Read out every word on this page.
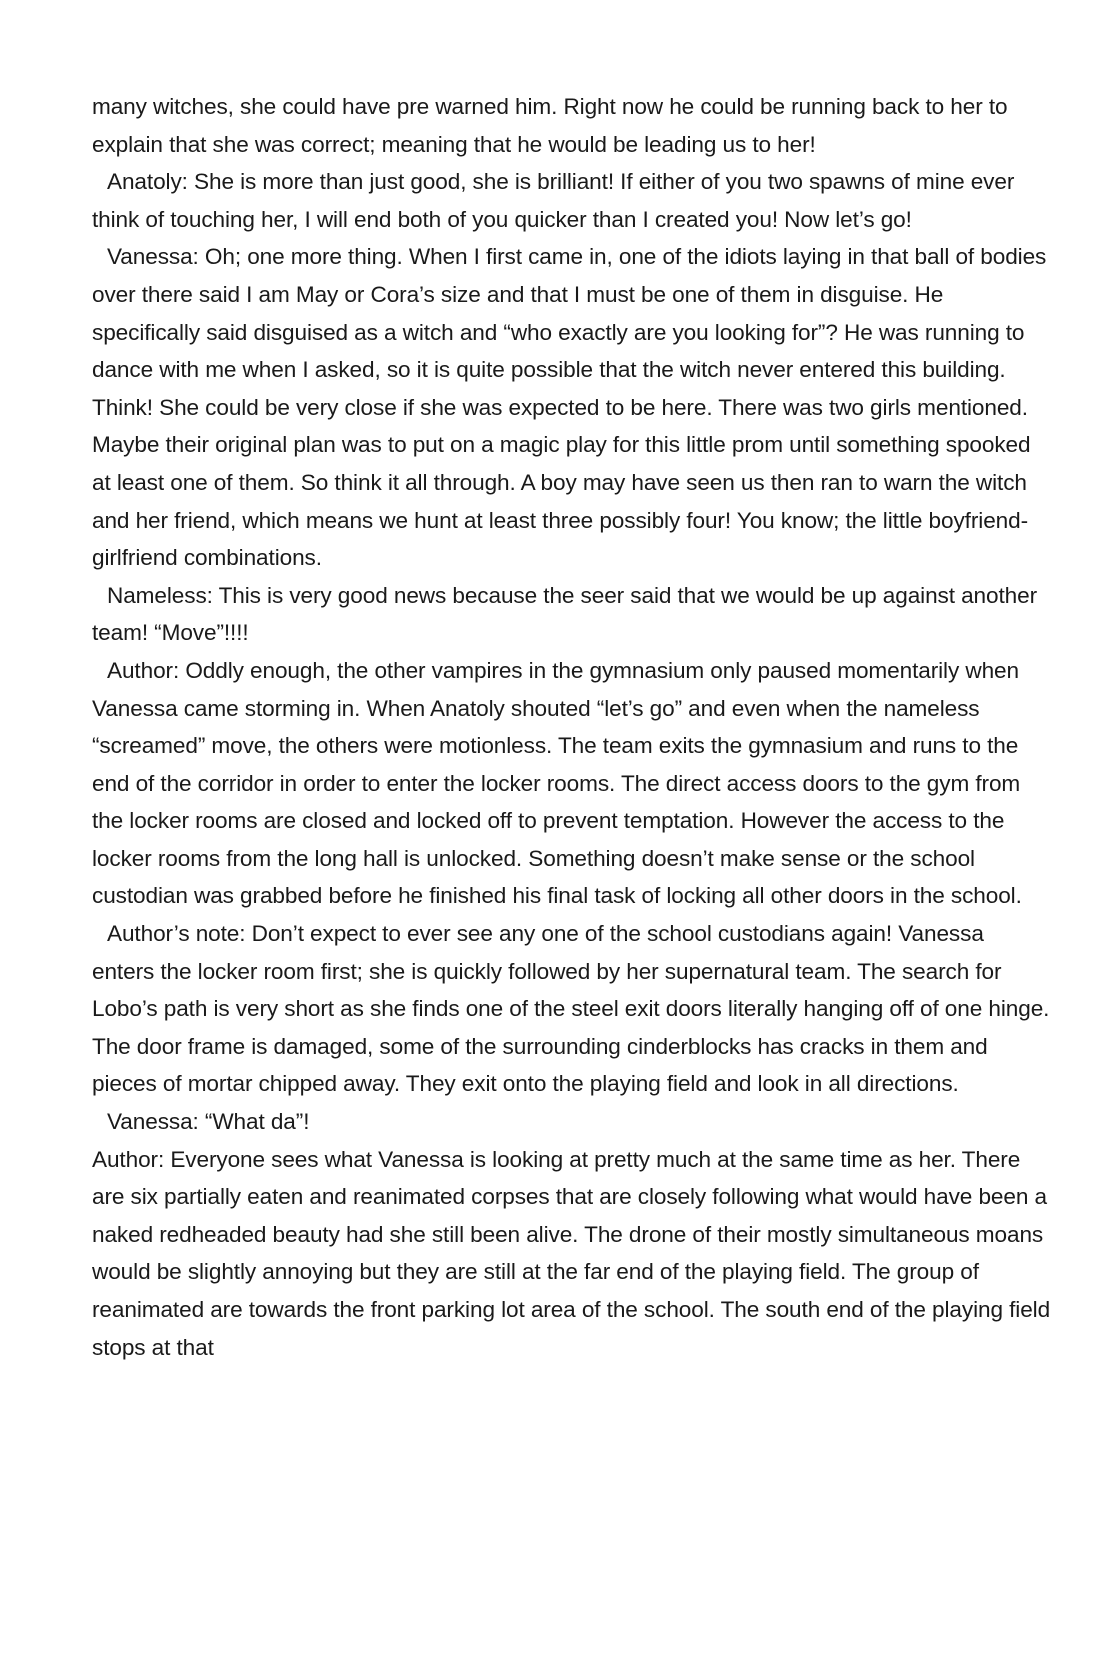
many witches, she could have pre warned him. Right now he could be running back to her to explain that she was correct; meaning that he would be leading us to her!

Anatoly: She is more than just good, she is brilliant! If either of you two spawns of mine ever think of touching her, I will end both of you quicker than I created you! Now let’s go!

Vanessa: Oh; one more thing. When I first came in, one of the idiots laying in that ball of bodies over there said I am May or Cora’s size and that I must be one of them in disguise. He specifically said disguised as a witch and “who exactly are you looking for”? He was running to dance with me when I asked, so it is quite possible that the witch never entered this building. Think! She could be very close if she was expected to be here. There was two girls mentioned. Maybe their original plan was to put on a magic play for this little prom until something spooked at least one of them. So think it all through. A boy may have seen us then ran to warn the witch and her friend, which means we hunt at least three possibly four! You know; the little boyfriend-girlfriend combinations.

Nameless: This is very good news because the seer said that we would be up against another team! “Move”!!!!

Author: Oddly enough, the other vampires in the gymnasium only paused momentarily when Vanessa came storming in. When Anatoly shouted “let’s go” and even when the nameless “screamed” move, the others were motionless. The team exits the gymnasium and runs to the end of the corridor in order to enter the locker rooms. The direct access doors to the gym from the locker rooms are closed and locked off to prevent temptation. However the access to the locker rooms from the long hall is unlocked. Something doesn’t make sense or the school custodian was grabbed before he finished his final task of locking all other doors in the school.

Author’s note: Don’t expect to ever see any one of the school custodians again! Vanessa enters the locker room first; she is quickly followed by her supernatural team. The search for Lobo’s path is very short as she finds one of the steel exit doors literally hanging off of one hinge. The door frame is damaged, some of the surrounding cinderblocks has cracks in them and pieces of mortar chipped away. They exit onto the playing field and look in all directions.

Vanessa: “What da”!

Author: Everyone sees what Vanessa is looking at pretty much at the same time as her. There are six partially eaten and reanimated corpses that are closely following what would have been a naked redheaded beauty had she still been alive. The drone of their mostly simultaneous moans would be slightly annoying but they are still at the far end of the playing field. The group of reanimated are towards the front parking lot area of the school. The south end of the playing field stops at that
